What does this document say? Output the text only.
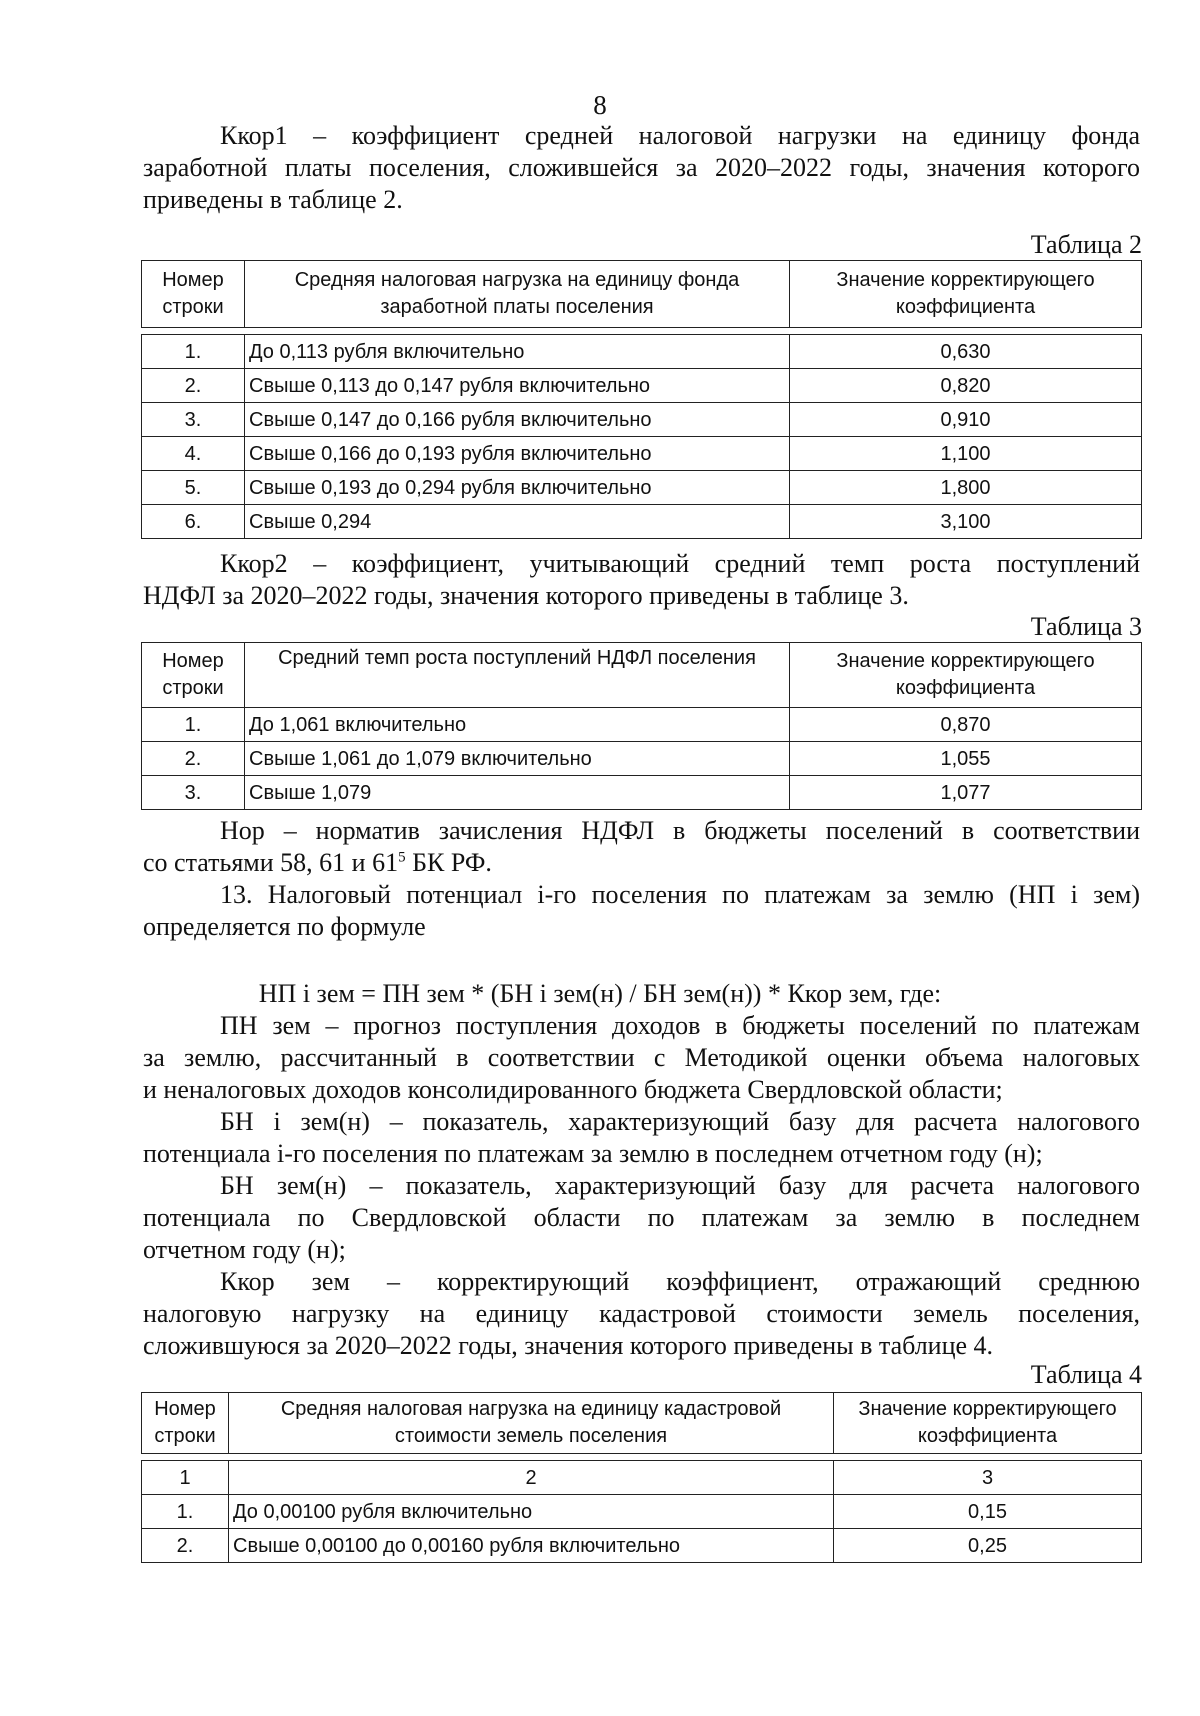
8

Ккор1 – коэффициент средней налоговой нагрузки на единицу фонда
заработной платы поселения, сложившейся за 2020–2022 годы, значения которого
приведены в таблице 2.

Таблица 2
Номер строки	Средняя налоговая нагрузка на единицу фонда заработной платы поселения	Значение корректирующего коэффициента

1.	До 0,113 рубля включительно	0,630
2.	Свыше 0,113 до 0,147 рубля включительно	0,820
3.	Свыше 0,147 до 0,166 рубля включительно	0,910
4.	Свыше 0,166 до 0,193 рубля включительно	1,100
5.	Свыше 0,193 до 0,294 рубля включительно	1,800
6.	Свыше 0,294	3,100

Ккор2 – коэффициент, учитывающий средний темп роста поступлений
НДФЛ за 2020–2022 годы, значения которого приведены в таблице 3.

Таблица 3
Номер строки	Средний темп роста поступлений НДФЛ поселения	Значение корректирующего коэффициента
1.	До 1,061 включительно	0,870
2.	Свыше 1,061 до 1,079 включительно	1,055
3.	Свыше 1,079	1,077

Нор – норматив зачисления НДФЛ в бюджеты поселений в соответствии
со статьями 58, 61 и $61^5$ БК РФ.

13. Налоговый потенциал i-го поселения по платежам за землю (НП i зем)
определяется по формуле

НП i зем = ПН зем * (БН i зем(н) / БН зем(н)) * Ккор зем, где:

ПН зем – прогноз поступления доходов в бюджеты поселений по платежам
за землю, рассчитанный в соответствии с Методикой оценки объема налоговых
и неналоговых доходов консолидированного бюджета Свердловской области;

БН i зем(н) – показатель, характеризующий базу для расчета налогового
потенциала i-го поселения по платежам за землю в последнем отчетном году (н);

БН зем(н) – показатель, характеризующий базу для расчета налогового
потенциала по Свердловской области по платежам за землю в последнем
отчетном году (н);

Ккор зем – корректирующий коэффициент, отражающий среднюю
налоговую нагрузку на единицу кадастровой стоимости земель поселения,
сложившуюся за 2020–2022 годы, значения которого приведены в таблице 4.

Таблица 4
Номер строки	Средняя налоговая нагрузка на единицу кадастровой стоимости земель поселения	Значение корректирующего коэффициента

1	2	3
1.	До 0,00100 рубля включительно	0,15
2.	Свыше 0,00100 до 0,00160 рубля включительно	0,25
